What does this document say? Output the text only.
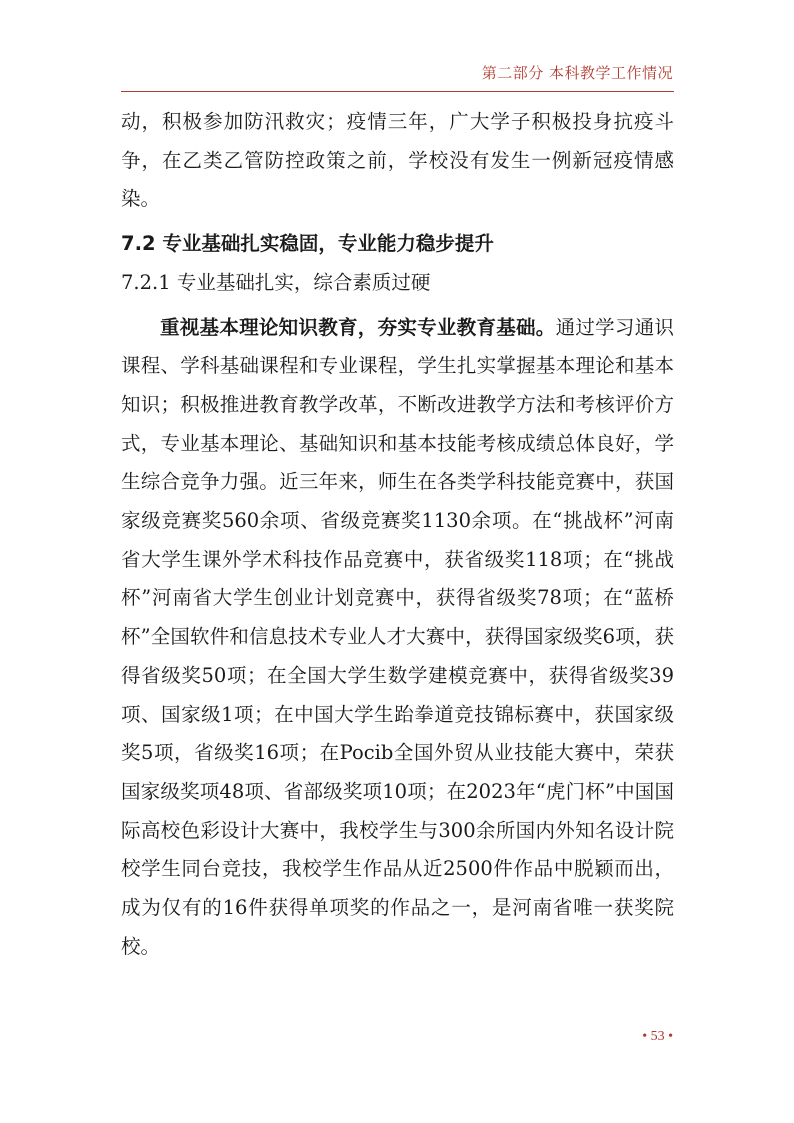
第二部分 本科教学工作情况

动，积极参加防汛救灾；疫情三年，广大学子积极投身抗疫斗争，在乙类乙管防控政策之前，学校没有发生一例新冠疫情感染。

7.2 专业基础扎实稳固，专业能力稳步提升

7.2.1 专业基础扎实，综合素质过硬

重视基本理论知识教育，夯实专业教育基础。通过学习通识课程、学科基础课程和专业课程，学生扎实掌握基本理论和基本知识；积极推进教育教学改革，不断改进教学方法和考核评价方式，专业基本理论、基础知识和基本技能考核成绩总体良好，学生综合竞争力强。近三年来，师生在各类学科技能竞赛中，获国家级竞赛奖560余项、省级竞赛奖1130余项。在“挑战杯”河南省大学生课外学术科技作品竞赛中，获省级奖118项；在“挑战杯”河南省大学生创业计划竞赛中，获得省级奖78项；在“蓝桥杯”全国软件和信息技术专业人才大赛中，获得国家级奖6项，获得省级奖50项；在全国大学生数学建模竞赛中，获得省级奖39项、国家级1项；在中国大学生跆拳道竞技锦标赛中，获国家级奖5项，省级奖16项；在Pocib全国外贸从业技能大赛中，荣获国家级奖项48项、省部级奖项10项；在2023年“虎门杯”中国国际高校色彩设计大赛中，我校学生与300余所国内外知名设计院校学生同台竞技，我校学生作品从近2500件作品中脱颖而出，成为仅有的16件获得单项奖的作品之一，是河南省唯一获奖院校。

• 53 •
